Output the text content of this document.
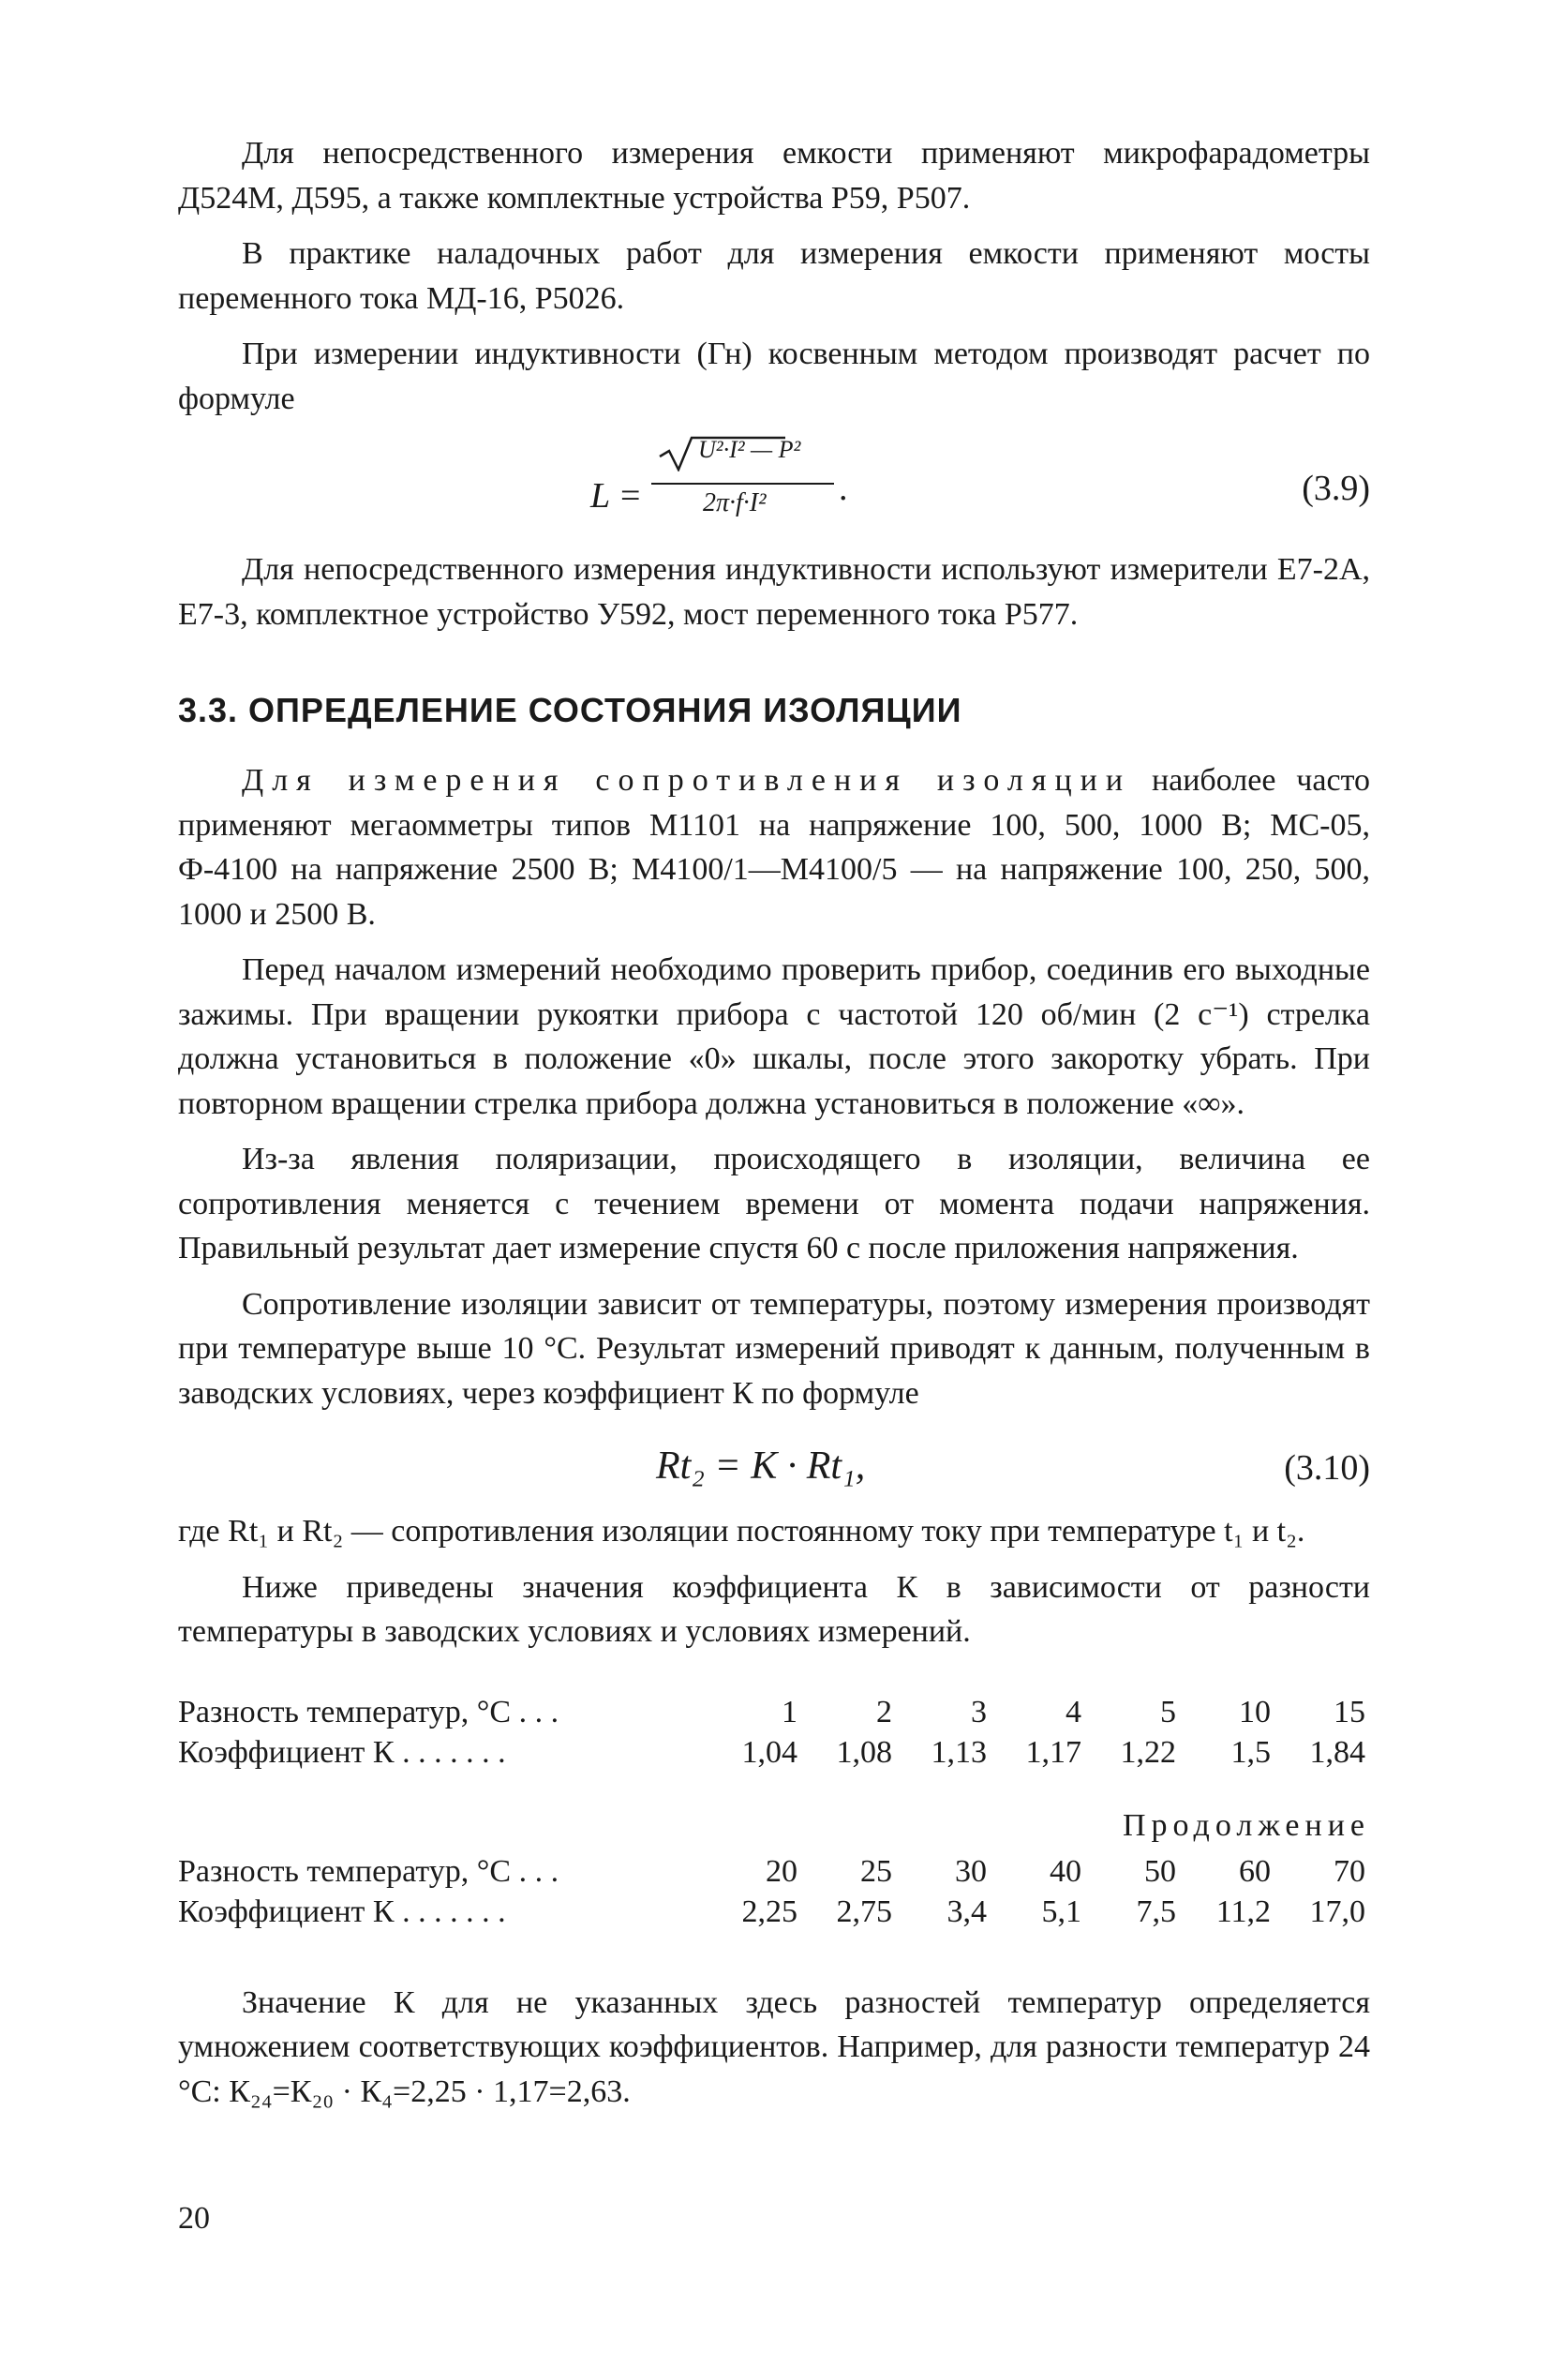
Для непосредственного измерения емкости применяют микрофарадометры Д524М, Д595, а также комплектные устройства Р59, Р507.

В практике наладочных работ для измерения емкости применяют мосты переменного тока МД-16, Р5026.

При измерении индуктивности (Гн) косвенным методом производят расчет по формуле

L =
U²·I² — P²
2π·f·I² .	(3.9)

Для непосредственного измерения индуктивности используют измерители Е7-2А, Е7-3, комплектное устройство У592, мост переменного тока Р577.

3.3. ОПРЕДЕЛЕНИЕ СОСТОЯНИЯ ИЗОЛЯЦИИ

Для измерения сопротивления изоляции наиболее часто применяют мегаомметры типов М1101 на напряжение 100, 500, 1000 В; МС-05, Ф-4100 на напряжение 2500 В; М4100/1—М4100/5 — на напряжение 100, 250, 500, 1000 и 2500 В.

Перед началом измерений необходимо проверить прибор, соединив его выходные зажимы. При вращении рукоятки прибора с частотой 120 об/мин (2 с⁻¹) стрелка должна установиться в положение «0» шкалы, после этого закоротку убрать. При повторном вращении стрелка прибора должна установиться в положение «∞».

Из-за явления поляризации, происходящего в изоляции, величина ее сопротивления меняется с течением времени от момента подачи напряжения. Правильный результат дает измерение спустя 60 с после приложения напряжения.

Сопротивление изоляции зависит от температуры, поэтому измерения производят при температуре выше 10 °С. Результат измерений приводят к данным, полученным в заводских условиях, через коэффициент К по формуле

Rt₂ = K · Rt₁,	(3.10)

где Rt₁ и Rt₂ — сопротивления изоляции постоянному току при температуре t₁ и t₂.

Ниже приведены значения коэффициента К в зависимости от разности температуры в заводских условиях и условиях измерений.

Разность температур, °С . . .	1	2	3	4	5	10	15
Коэффициент К . . . . . . .	1,04	1,08	1,13	1,17	1,22	1,5	1,84
Продолжение
Разность температур, °С . . .	20	25	30	40	50	60	70
Коэффициент К . . . . . . .	2,25	2,75	3,4	5,1	7,5	11,2	17,0

Значение К для не указанных здесь разностей температур определяется умножением соответствующих коэффициентов. Например, для разности температур 24 °С: К₂₄=К₂₀ · К₄=2,25 · 1,17=2,63.

20
